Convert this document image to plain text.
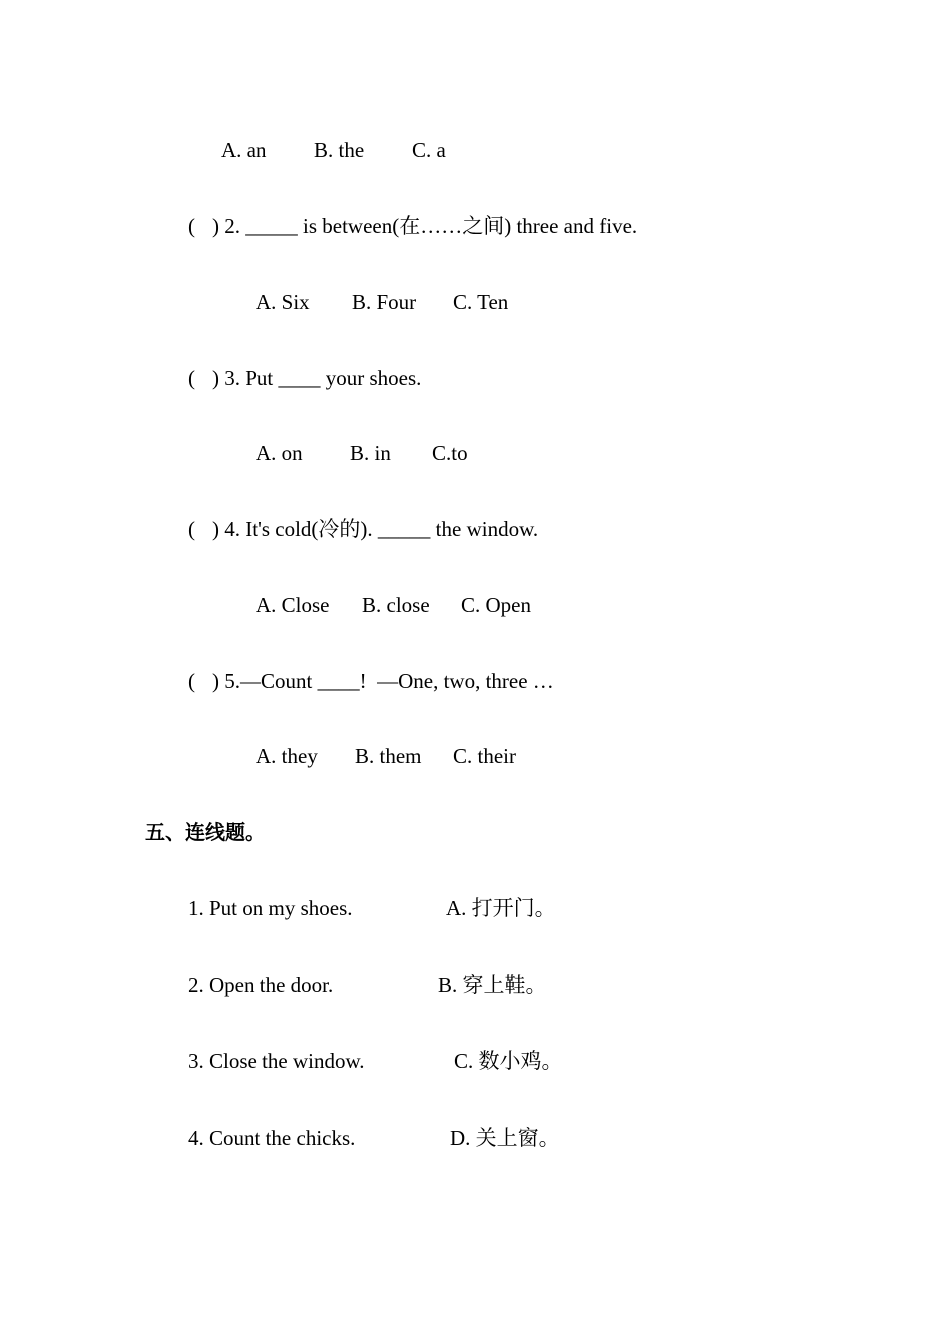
A. an B. the C. a
( ) 2. _____ is between(在……之间) three and five.
A. Six B. Four C. Ten
( ) 3. Put ____ your shoes.
A. on B. in C.to
( ) 4. It's cold(冷的). _____ the window.
A. Close B. close C. Open
( ) 5.—Count ____!  —One, two, three …
A. they B. them C. their
五、连线题。
1. Put on my shoes.	A. 打开门。
2. Open the door.	B. 穿上鞋。
3. Close the window.	C. 数小鸡。
4. Count the chicks.	D. 关上窗。
